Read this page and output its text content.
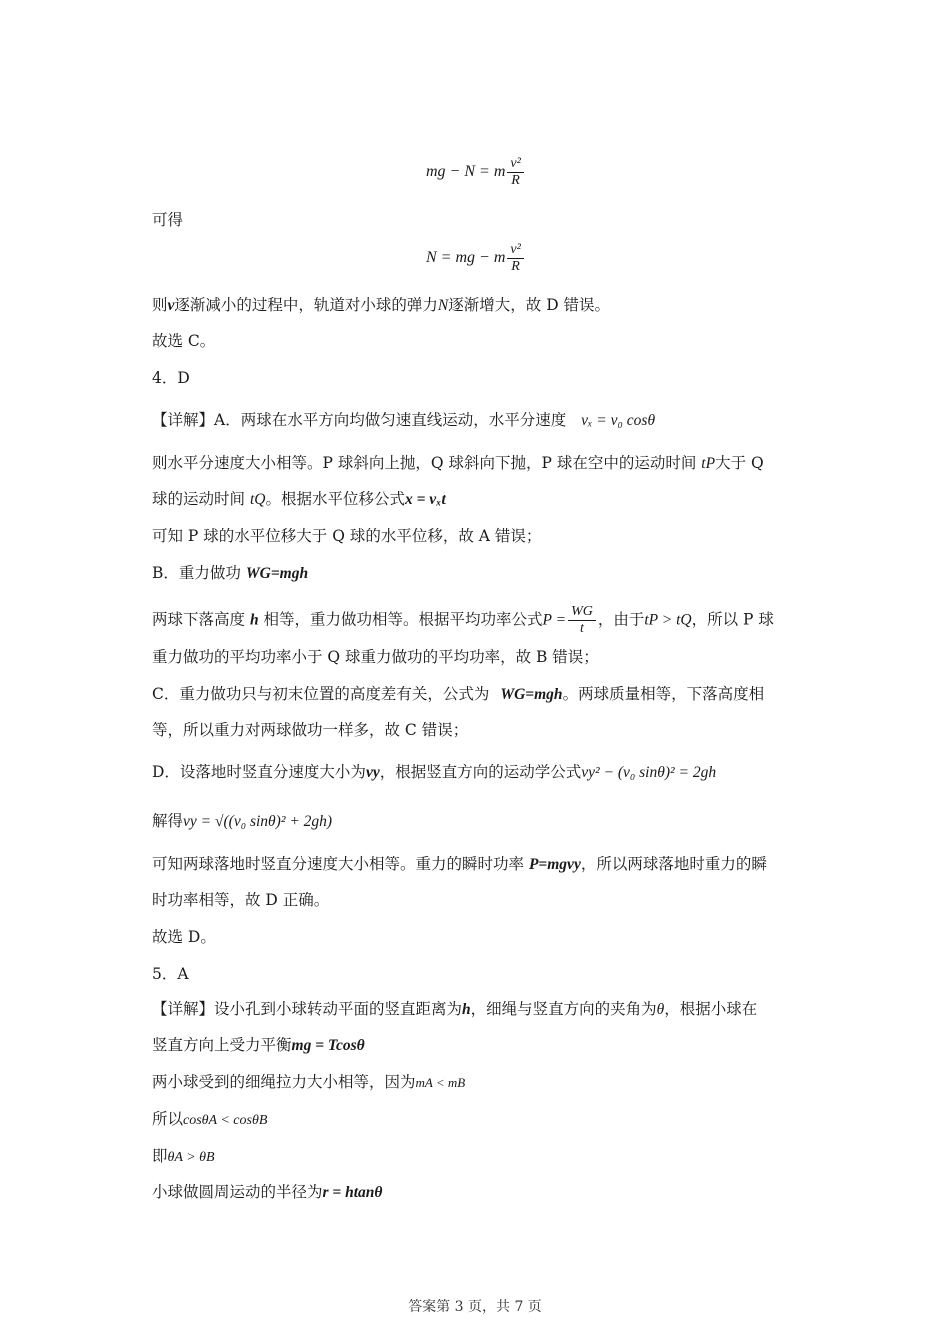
mg − N = m $\frac{\text{v²}}{R}$
可得
N = mg − m $\frac{\text{v²}}{R}$
则v逐渐减小的过程中，轨道对小球的弹力N逐渐增大，故 D 错误。
故选 C。
4．D
【详解】A．两球在水平方向均做匀速直线运动，水平分速度 vₓ = v₀ cosθ
则水平分速度大小相等。P 球斜向上抛，Q 球斜向下抛，P 球在空中的运动时间 tP大于 Q
球的运动时间 tQ。根据水平位移公式x = vₓt
可知 P 球的水平位移大于 Q 球的水平位移，故 A 错误；
B．重力做功 WG=mgh
两球下落高度 h 相等，重力做功相等。根据平均功率公式$P = \frac{WG}{t}$ ，由于tP > tQ，所以 P 球
重力做功的平均功率小于 Q 球重力做功的平均功率，故 B 错误；
C．重力做功只与初末位置的高度差有关，公式为 WG=mgh。两球质量相等，下落高度相
等，所以重力对两球做功一样多，故 C 错误；
D．设落地时竖直分速度大小为vy，根据竖直方向的运动学公式vy² − (v₀ sinθ)² = 2gh
解得vy = √((v₀ sinθ)² + 2gh)
可知两球落地时竖直分速度大小相等。重力的瞬时功率 P=mgvy，所以两球落地时重力的瞬
时功率相等，故 D 正确。
故选 D。
5．A
【详解】设小孔到小球转动平面的竖直距离为h，细绳与竖直方向的夹角为θ，根据小球在
竖直方向上受力平衡mg = Tcosθ
两小球受到的细绳拉力大小相等，因为mA < mB
所以cosθA < cosθB
即θA > θB
小球做圆周运动的半径为r = htanθ
答案第 3 页，共 7 页
